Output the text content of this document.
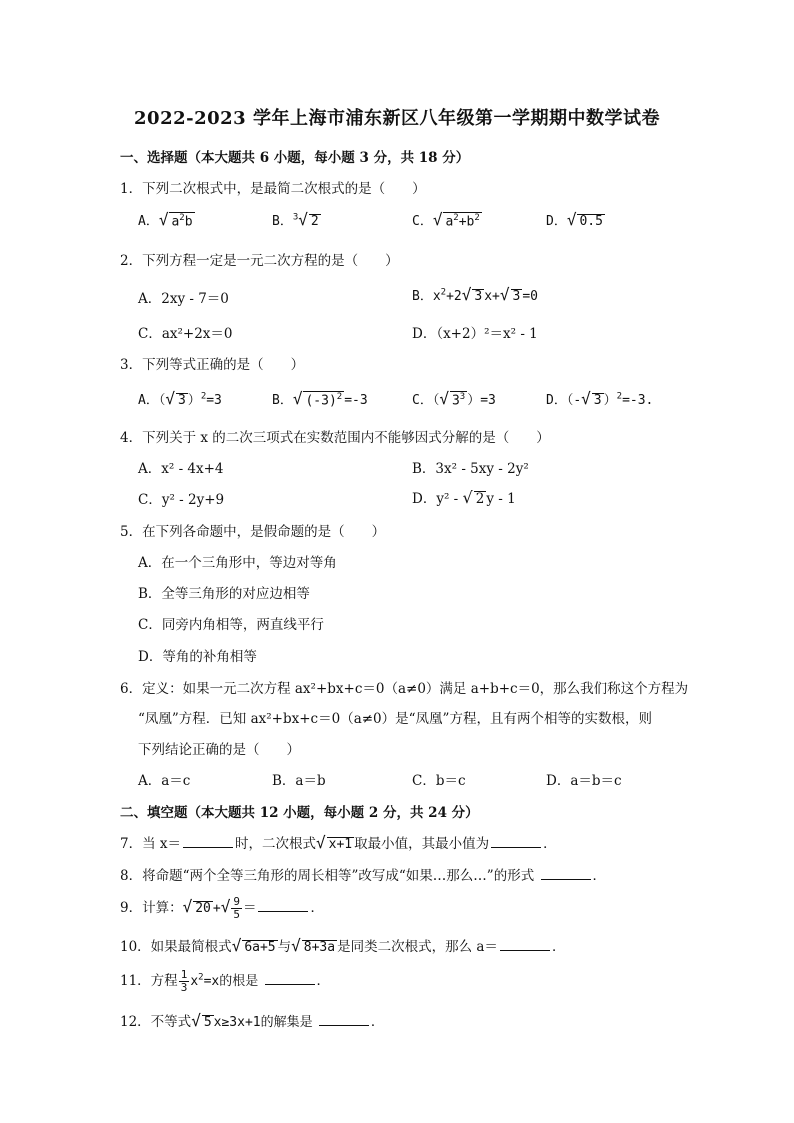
2022-2023 学年上海市浦东新区八年级第一学期期中数学试卷
一、选择题（本大题共 6 小题，每小题 3 分，共 18 分）
1．下列二次根式中，是最简二次根式的是（　　）
A．√ $a^2b$	B．$^3$√ 2	C．√ $a^2+b^2$	D．√ 0.5
2．下列方程一定是一元二次方程的是（　　）
A．2xy - 7＝0	B．$x^2+2√$ 3 x+√ 3 =0
C．ax²+2x＝0	D．（x+2）²＝x² - 1
3．下列等式正确的是（　　）
A．（√ 3 ）$^2$=3	B．√ $(-3)^2 =-3$	C．（√ $3^3$ ）=3	D．（-√ 3 ）$^2$=-3.
4．下列关于 x 的二次三项式在实数范围内不能够因式分解的是（　　）
A．x² - 4x+4	B．3x² - 5xy - 2y²
C．y² - 2y+9	D．y² - √ 2 y - 1
5．在下列各命题中，是假命题的是（　　）
A．在一个三角形中，等边对等角
B．全等三角形的对应边相等
C．同旁内角相等，两直线平行
D．等角的补角相等
6．定义：如果一元二次方程 ax²+bx+c＝0（a≠0）满足 a+b+c＝0，那么我们称这个方程为
“凤凰”方程．已知 ax²+bx+c＝0（a≠0）是“凤凰”方程，且有两个相等的实数根，则
下列结论正确的是（　　）
A．a＝c	B．a＝b	C．b＝c	D．a＝b＝c
二、填空题（本大题共 12 小题，每小题 2 分，共 24 分）
7．当 x＝	时，二次根式√ x+1 取最小值，其最小值为	．
8．将命题“两个全等三角形的周长相等”改写成“如果…那么…”的形式	．
9．计算：√ 20 +√ $\frac{9}{5}$ ＝	．
10．如果最简根式√ 6a+5 与√ 8+3a 是同类二次根式，那么 a＝	．
11．方程 $\frac{1}{3} x^2=x$的根是	．
12．不等式√ 5 x≥3x+1的解集是	．
